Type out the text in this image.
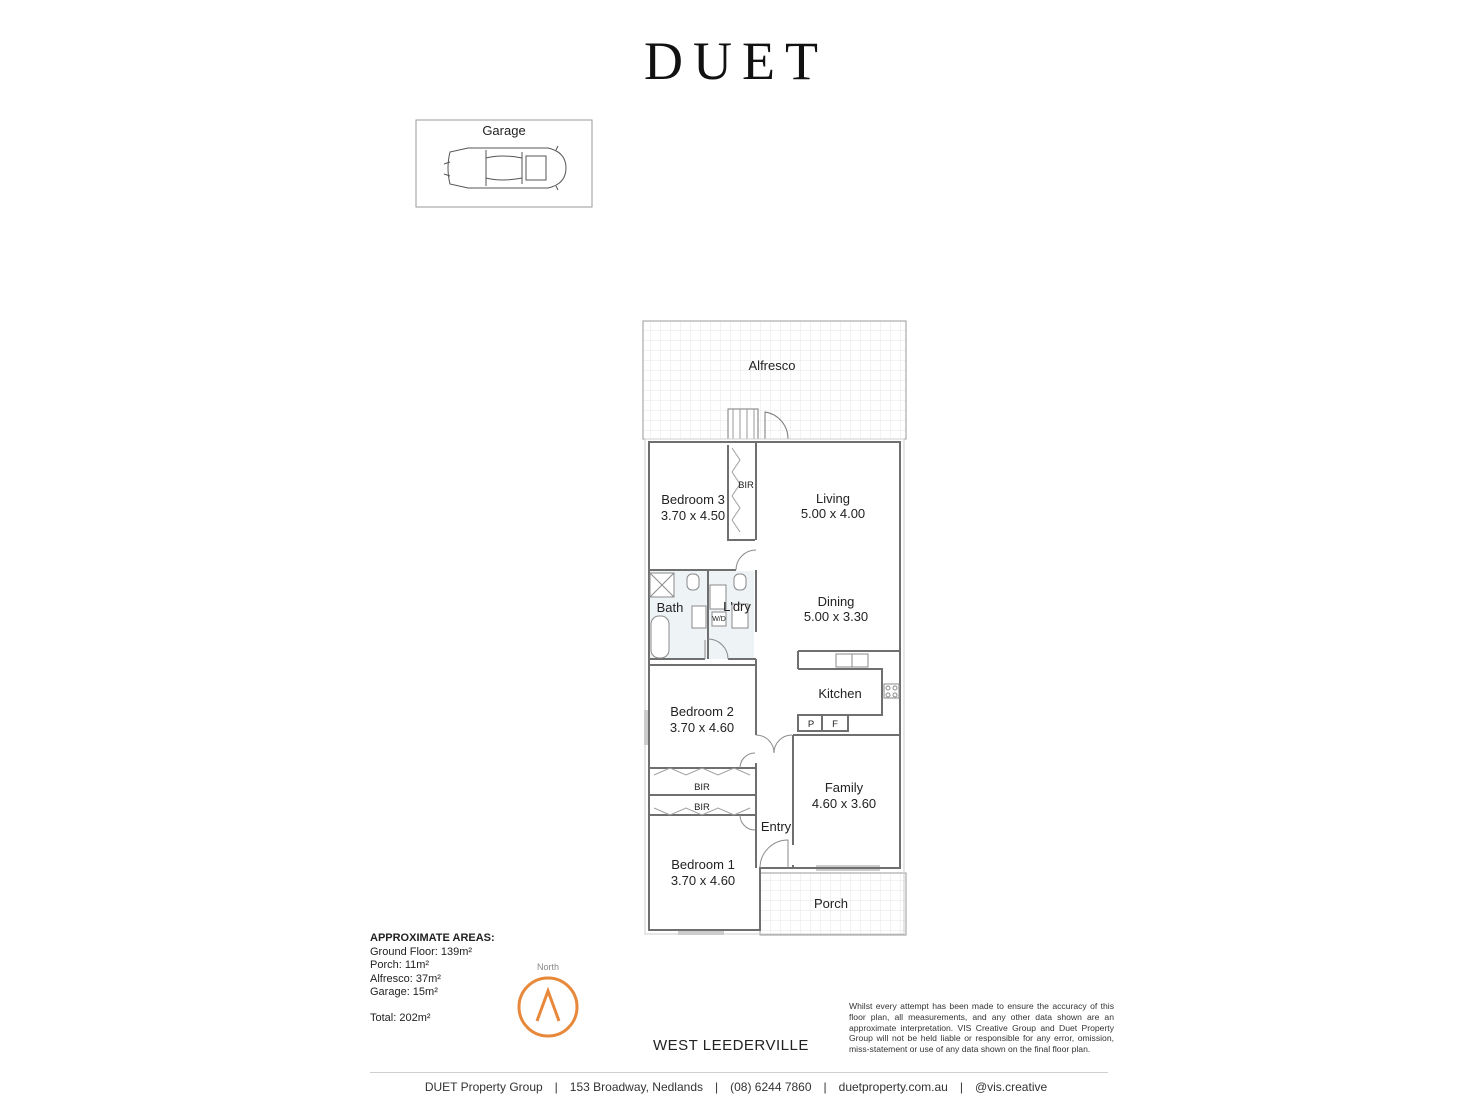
DUET
Garage
Alfresco
Bedroom 3
3.70 x 4.50
Living
5.00 x 4.00
Dining
5.00 x 3.30
Bath	L'dry
Kitchen
Bedroom 2
3.70 x 4.60
Family
4.60 x 3.60
Entry
Bedroom 1
3.70 x 4.60
Porch
BIR
BIR
BIR
P F
W/D
APPROXIMATE AREAS:
Ground Floor: 139m²
Porch: 11m²
Alfresco: 37m²
Garage: 15m²
Total: 202m²
North
WEST LEEDERVILLE
Whilst every attempt has been made to ensure the accuracy of this floor plan, all measurements, and any other data shown are an approximate interpretation. VIS Creative Group and Duet Property Group will not be held liable or responsible for any error, omission, miss-statement or use of any data shown on the final floor plan.
DUET Property Group | 153 Broadway, Nedlands | (08) 6244 7860 | duetproperty.com.au | @vis.creative
